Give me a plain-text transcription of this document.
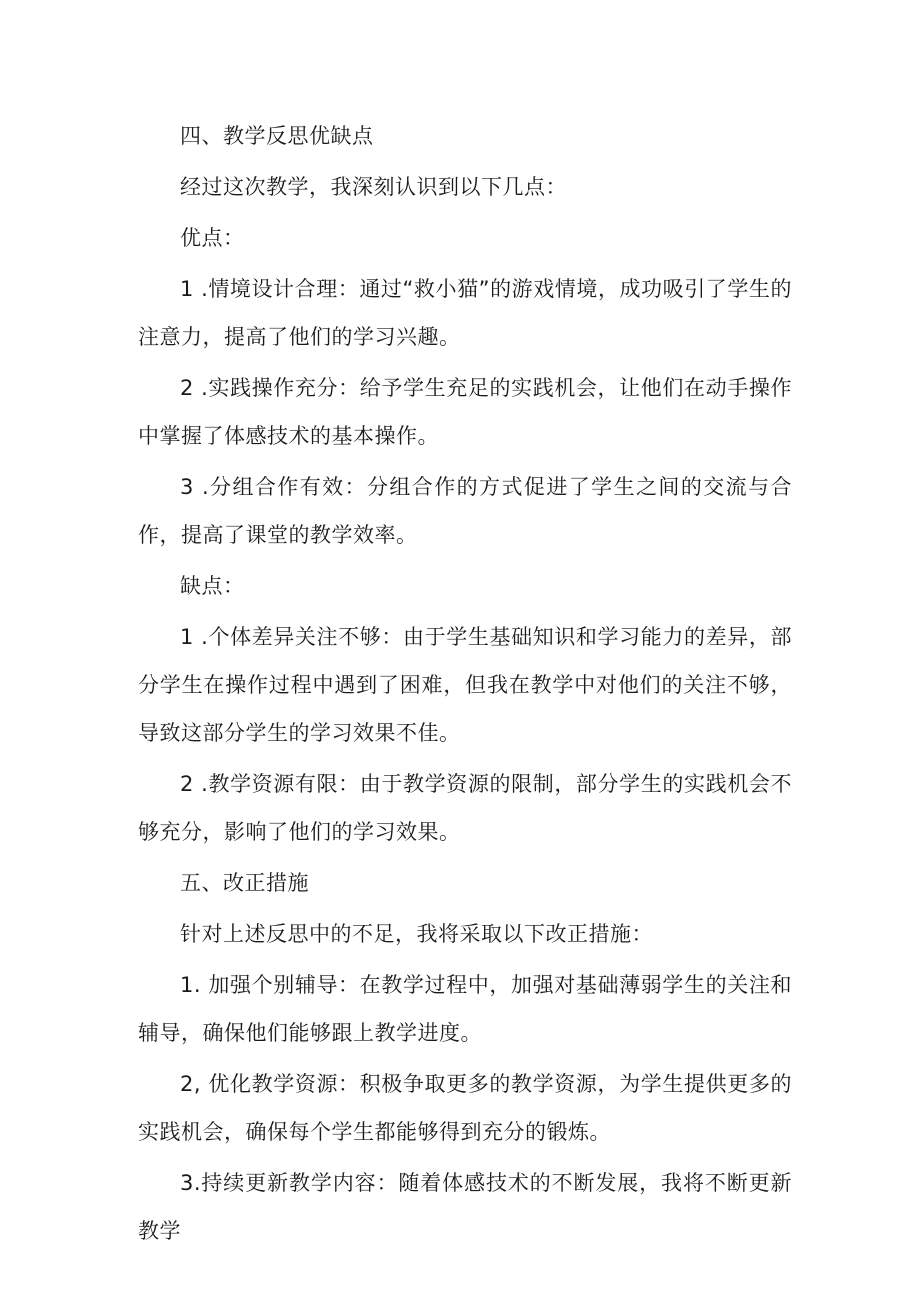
四、教学反思优缺点

经过这次教学，我深刻认识到以下几点：

优点：

1 .情境设计合理：通过“救小猫”的游戏情境，成功吸引了学生的注意力，提高了他们的学习兴趣。

2 .实践操作充分：给予学生充足的实践机会，让他们在动手操作中掌握了体感技术的基本操作。

3 .分组合作有效：分组合作的方式促进了学生之间的交流与合作，提高了课堂的教学效率。

缺点：

1 .个体差异关注不够：由于学生基础知识和学习能力的差异，部分学生在操作过程中遇到了困难，但我在教学中对他们的关注不够，导致这部分学生的学习效果不佳。

2 .教学资源有限：由于教学资源的限制，部分学生的实践机会不够充分，影响了他们的学习效果。

五、改正措施

针对上述反思中的不足，我将采取以下改正措施：

1. 加强个别辅导：在教学过程中，加强对基础薄弱学生的关注和辅导，确保他们能够跟上教学进度。

2, 优化教学资源：积极争取更多的教学资源，为学生提供更多的实践机会，确保每个学生都能够得到充分的锻炼。

3.持续更新教学内容：随着体感技术的不断发展，我将不断更新教学
